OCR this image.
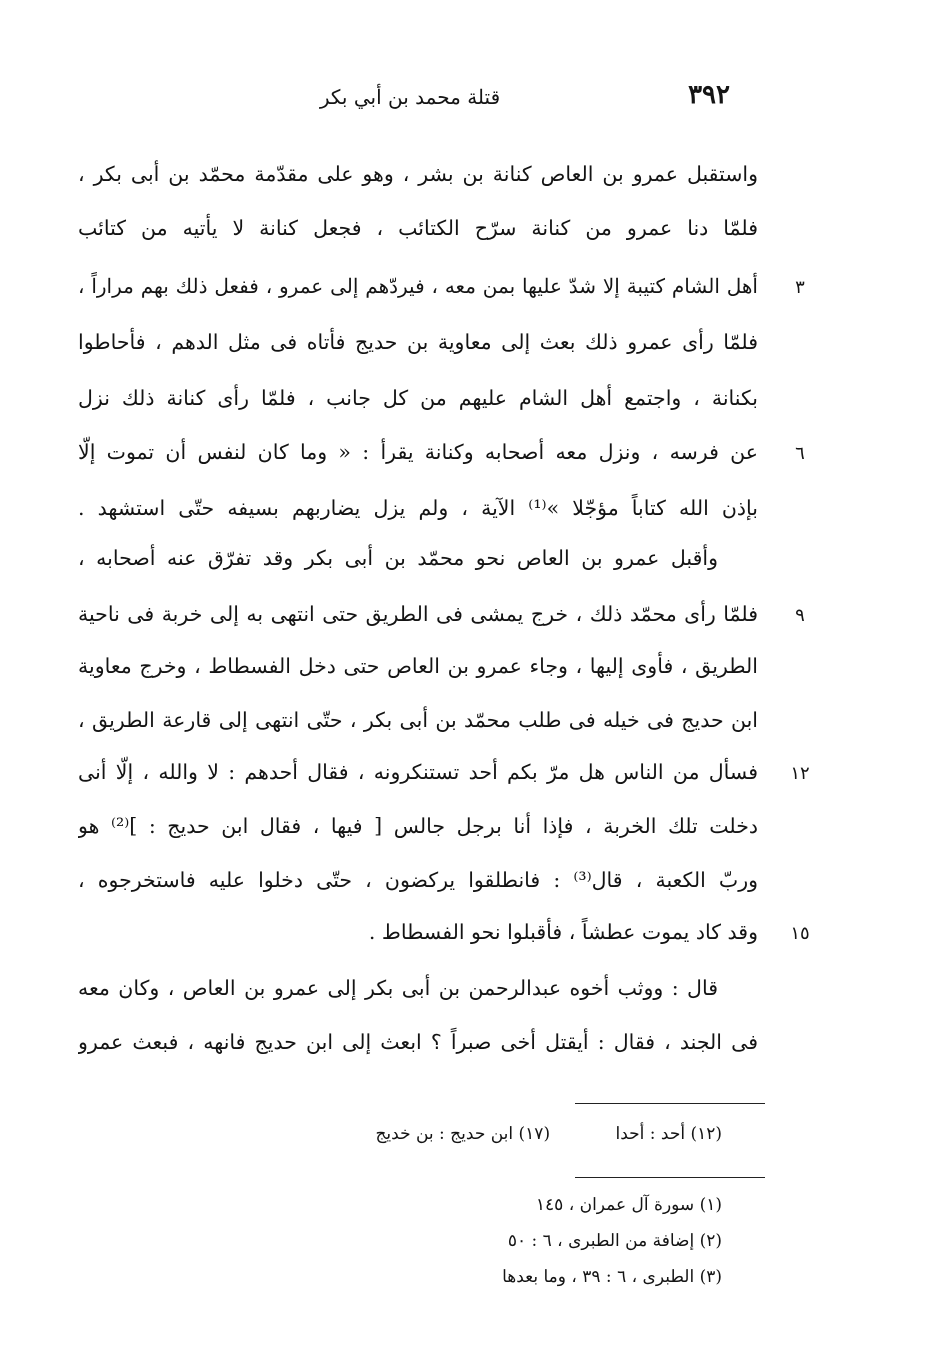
٣٩٢
قتلة محمد بن أبي بكر
واستقبل عمرو بن العاص كنانة بن بشر ، وهو على مقدّمة محمّد بن أبى بكر ،
فلمّا دنا عمرو من كنانة سرّح الكتائب ، فجعل كنانة لا يأتيه من كتائب
أهل الشام كتيبة إلا شدّ عليها بمن معه ، فيردّهم إلى عمرو ، ففعل ذلك بهم مراراً ،
فلمّا رأى عمرو ذلك بعث إلى معاوية بن حديج فأتاه فى مثل الدهم ، فأحاطوا
بكنانة ، واجتمع أهل الشام عليهم من كل جانب ، فلمّا رأى كنانة ذلك نزل
عن فرسه ، ونزل معه أصحابه وكنانة يقرأ : « وما كان لنفس أن تموت إلّا
بإذن الله كتاباً مؤجّلا »⁽¹⁾ الآية ، ولم يزل يضاربهم بسيفه حتّى استشهد .
وأقبل عمرو بن العاص نحو محمّد بن أبى بكر وقد تفرّق عنه أصحابه ،
فلمّا رأى محمّد ذلك ، خرج يمشى فى الطريق حتى انتهى به إلى خربة فى ناحية
الطريق ، فأوى إليها ، وجاء عمرو بن العاص حتى دخل الفسطاط ، وخرج معاوية
ابن حديج فى خيله فى طلب محمّد بن أبى بكر ، حتّى انتهى إلى قارعة الطريق ،
فسأل من الناس هل مرّ بكم أحد تستنكرونه ، فقال أحدهم : لا والله ، إلّا أنى
دخلت تلك الخربة ، فإذا أنا برجل جالس [ فيها ، فقال ابن حديج : ]⁽²⁾ هو
وربّ الكعبة ، قال⁽³⁾ : فانطلقوا يركضون ، حتّى دخلوا عليه فاستخرجوه ،
وقد كاد يموت عطشاً ، فأقبلوا نحو الفسطاط .
قال : ووثب أخوه عبدالرحمن بن أبى بكر إلى عمرو بن العاص ، وكان معه
فى الجند ، فقال : أيقتل أخى صبراً ؟ ابعث إلى ابن حديج فانهه ، فبعث عمرو
٣
٦
٩
١٢
١٥
(١٢) أحد : أحدا (١٧) ابن حديج : بن خديج
(١) سورة آل عمران ، ١٤٥
(٢) إضافة من الطبرى ، ٦ : ٥٠
(٣) الطبرى ، ٦ : ٣٩ ، وما بعدها
